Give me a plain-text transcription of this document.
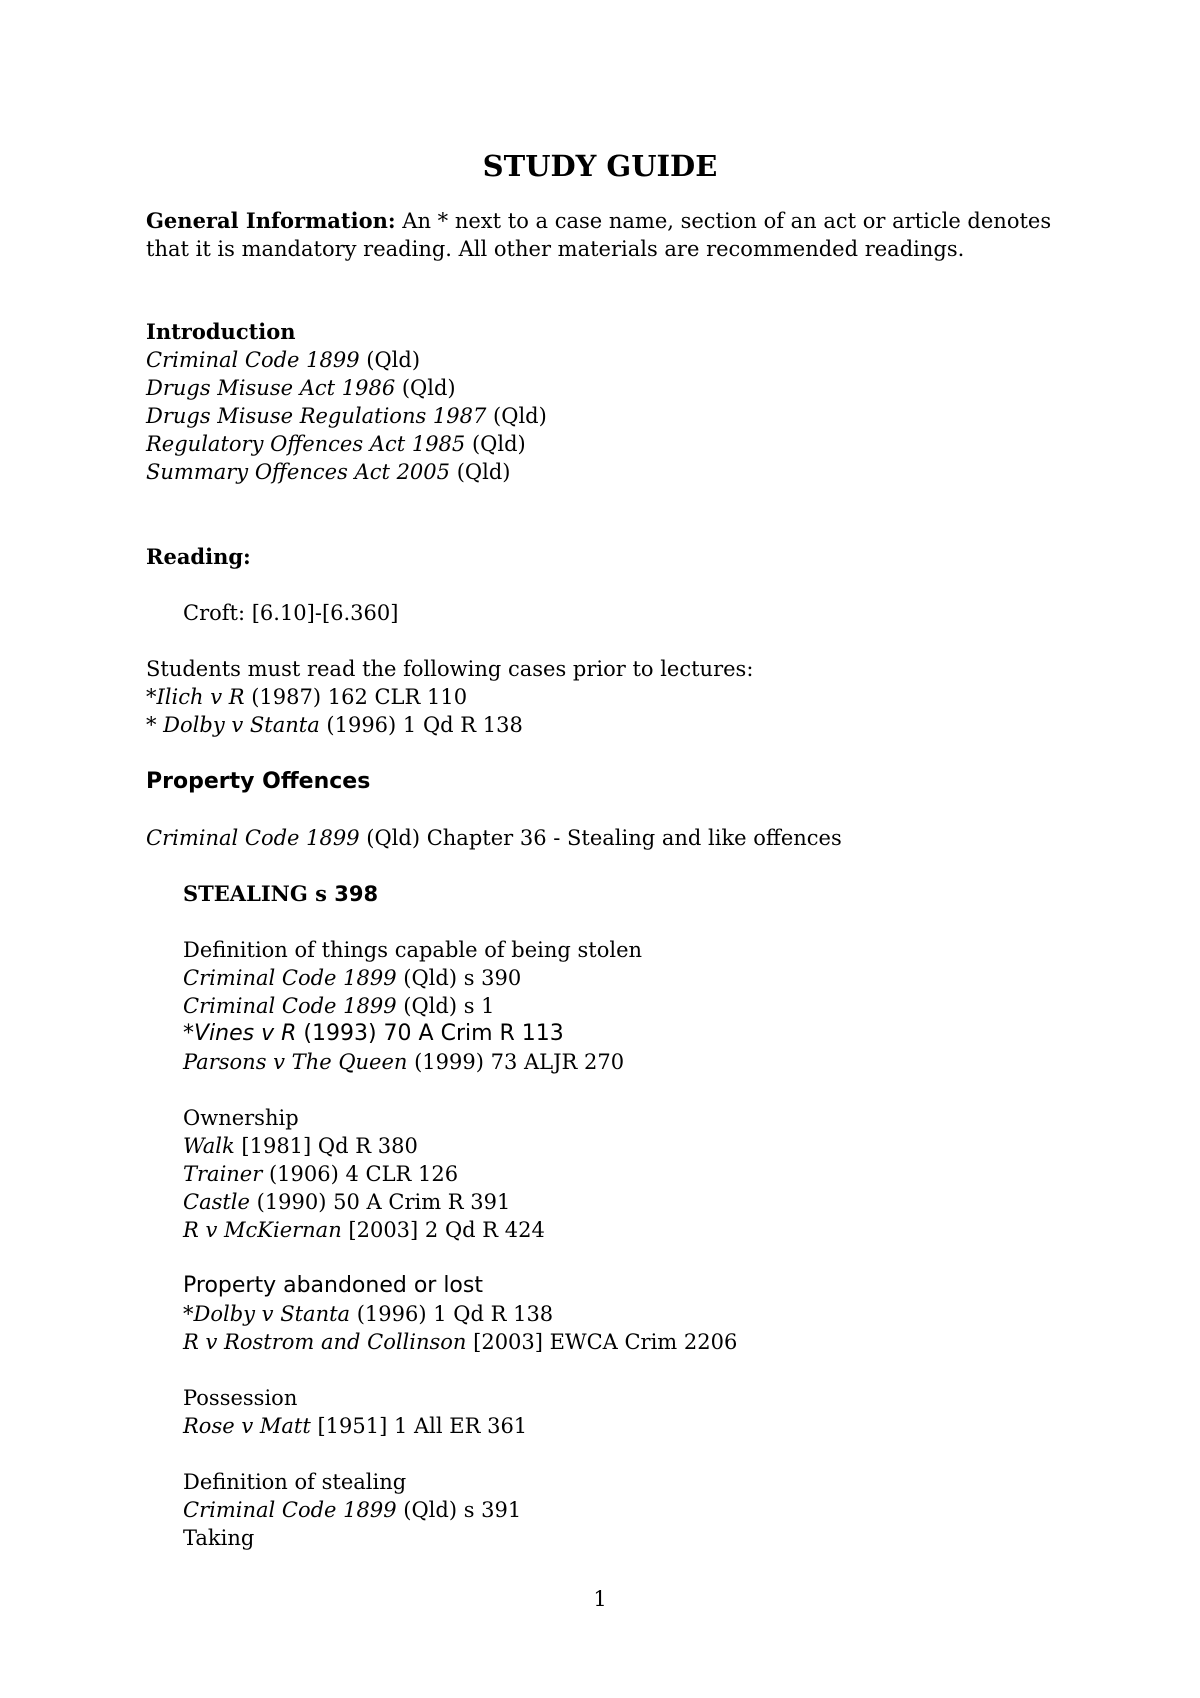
STUDY GUIDE
General Information: An * next to a case name, section of an act or article denotes that it is mandatory reading. All other materials are recommended readings.
Introduction
Criminal Code 1899 (Qld)
Drugs Misuse Act 1986 (Qld)
Drugs Misuse Regulations 1987 (Qld)
Regulatory Offences Act 1985 (Qld)
Summary Offences Act 2005 (Qld)
Reading:
Croft: [6.10]-[6.360]
Students must read the following cases prior to lectures:
*Ilich v R (1987) 162 CLR 110
* Dolby v Stanta (1996) 1 Qd R 138
Property Offences
Criminal Code 1899 (Qld) Chapter 36 - Stealing and like offences
STEALING s 398
Definition of things capable of being stolen
Criminal Code 1899 (Qld) s 390
Criminal Code 1899 (Qld) s 1
*Vines v R (1993) 70 A Crim R 113
Parsons v The Queen (1999) 73 ALJR 270
Ownership
Walk [1981] Qd R 380
Trainer (1906) 4 CLR 126
Castle (1990) 50 A Crim R 391
R v McKiernan [2003] 2 Qd R 424
Property abandoned or lost
*Dolby v Stanta (1996) 1 Qd R 138
R v Rostrom and Collinson [2003] EWCA Crim 2206
Possession
Rose v Matt [1951] 1 All ER 361
Definition of stealing
Criminal Code 1899 (Qld) s 391
Taking
1
